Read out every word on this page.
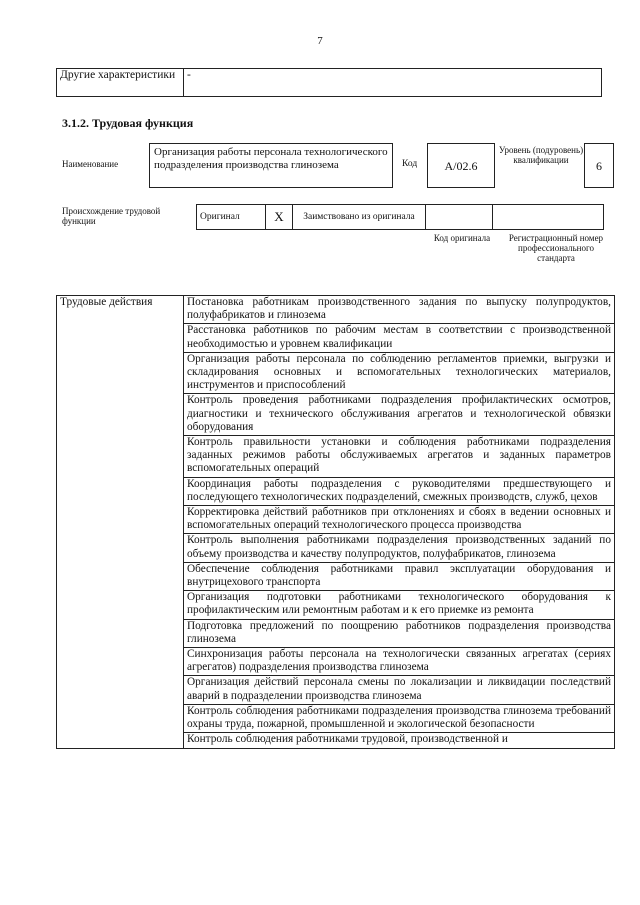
7
Другие характеристики	-
3.1.2. Трудовая функция
Наименование
Организация работы персонала технологического подразделения производства глинозема	Код	A/02.6
Уровень (подуровень) квалификации	6
Происхождение трудовой функции	Оригинал	X	Заимствовано из оригинала		
Код оригинала	Регистрационный номер профессионального стандарта
Трудовые действия	Постановка работникам производственного задания по выпуску полупродуктов, полуфабрикатов и глинозема
Расстановка работников по рабочим местам в соответствии с производственной необходимостью и уровнем квалификации
Организация работы персонала по соблюдению регламентов приемки, выгрузки и складирования основных и вспомогательных технологических материалов, инструментов и приспособлений
Контроль проведения работниками подразделения профилактических осмотров, диагностики и технического обслуживания агрегатов и технологической обвязки оборудования
Контроль правильности установки и соблюдения работниками подразделения заданных режимов работы обслуживаемых агрегатов и заданных параметров вспомогательных операций
Координация работы подразделения с руководителями предшествующего и последующего технологических подразделений, смежных производств, служб, цехов
Корректировка действий работников при отклонениях и сбоях в ведении основных и вспомогательных операций технологического процесса производства
Контроль выполнения работниками подразделения производственных заданий по объему производства и качеству полупродуктов, полуфабрикатов, глинозема
Обеспечение соблюдения работниками правил эксплуатации оборудования и внутрицехового транспорта
Организация подготовки работниками технологического оборудования к профилактическим или ремонтным работам и к его приемке из ремонта
Подготовка предложений по поощрению работников подразделения производства глинозема
Синхронизация работы персонала на технологически связанных агрегатах (сериях агрегатов) подразделения производства глинозема
Организация действий персонала смены по локализации и ликвидации последствий аварий в подразделении производства глинозема
Контроль соблюдения работниками подразделения производства глинозема требований охраны труда, пожарной, промышленной и экологической безопасности
Контроль соблюдения работниками трудовой, производственной и
